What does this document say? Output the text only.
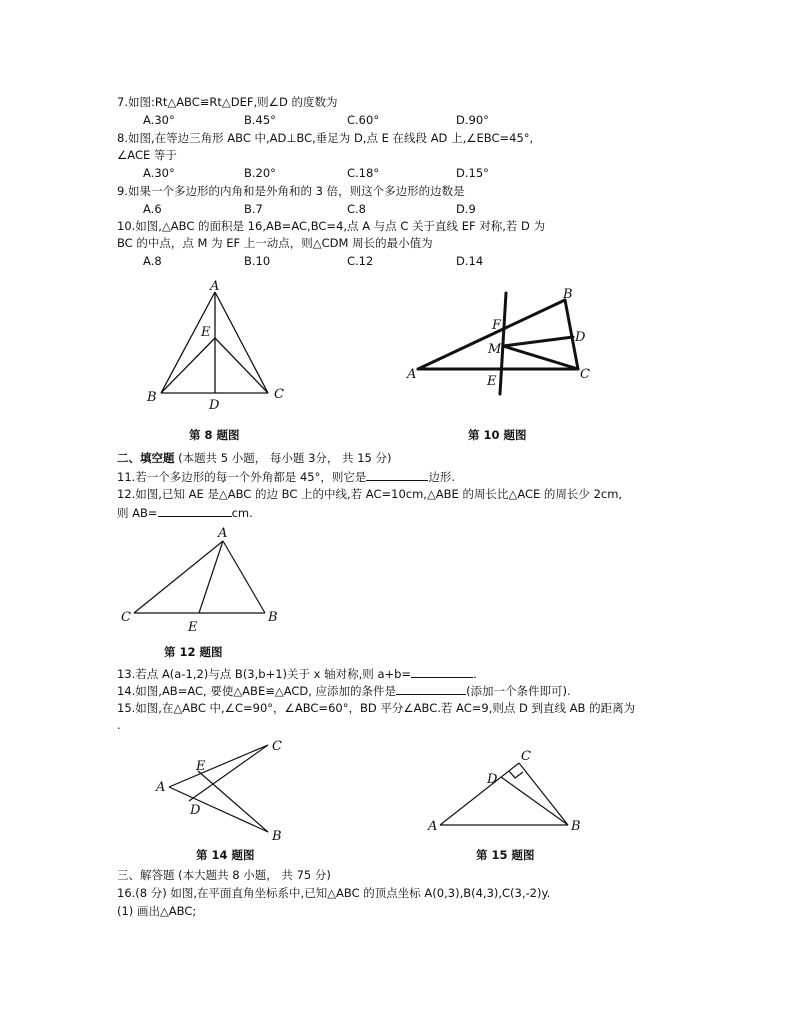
7.如图:Rt△ABC≌Rt△DEF,则∠D 的度数为
A.30°	B.45°	C.60°	D.90°
8.如图,在等边三角形 ABC 中,AD⊥BC,垂足为 D,点 E 在线段 AD 上,∠EBC=45°,
∠ACE 等于
A.30°	B.20°	C.18°	D.15°
9.如果一个多边形的内角和是外角和的 3 倍，则这个多边形的边数是
A.6	B.7	C.8	D.9
10.如图,△ABC 的面积是 16,AB=AC,BC=4,点 A 与点 C 关于直线 EF 对称,若 D 为
BC 的中点，点 M 为 EF 上一动点，则△CDM 周长的最小值为
A.8	B.10	C.12	D.14
A
E
B
D
C
第 8 题图
B
F
D
M
A	E	C
第 10 题图
二、填空题 (本题共 5 小题， 每小题 3分， 共 15 分)
11.若一个多边形的每一个外角都是 45°，则它是	边形.
12.如图,已知 AE 是△ABC 的边 BC 上的中线,若 AC=10cm,△ABE 的周长比△ACE 的周长少 2cm,
则 AB=	cm.
A
C
E
B
第 12 题图
13.若点 A(a-1,2)与点 B(3,b+1)关于 x 轴对称,则 a+b=	.
14.如图,AB=AC, 要使△ABE≌△ACD, 应添加的条件是	(添加一个条件即可).
15.如图,在△ABC 中,∠C=90°，∠ABC=60°，BD 平分∠ABC.若 AC=9,则点 D 到直线 AB 的距离为
.
C
E
A
D
B
第 14 题图
C
D
A	B
第 15 题图
三、解答题 (本大题共 8 小题， 共 75 分)
16.(8 分) 如图,在平面直角坐标系中,已知△ABC 的顶点坐标 A(0,3),B(4,3),C(3,-2)y.
(1) 画出△ABC;
